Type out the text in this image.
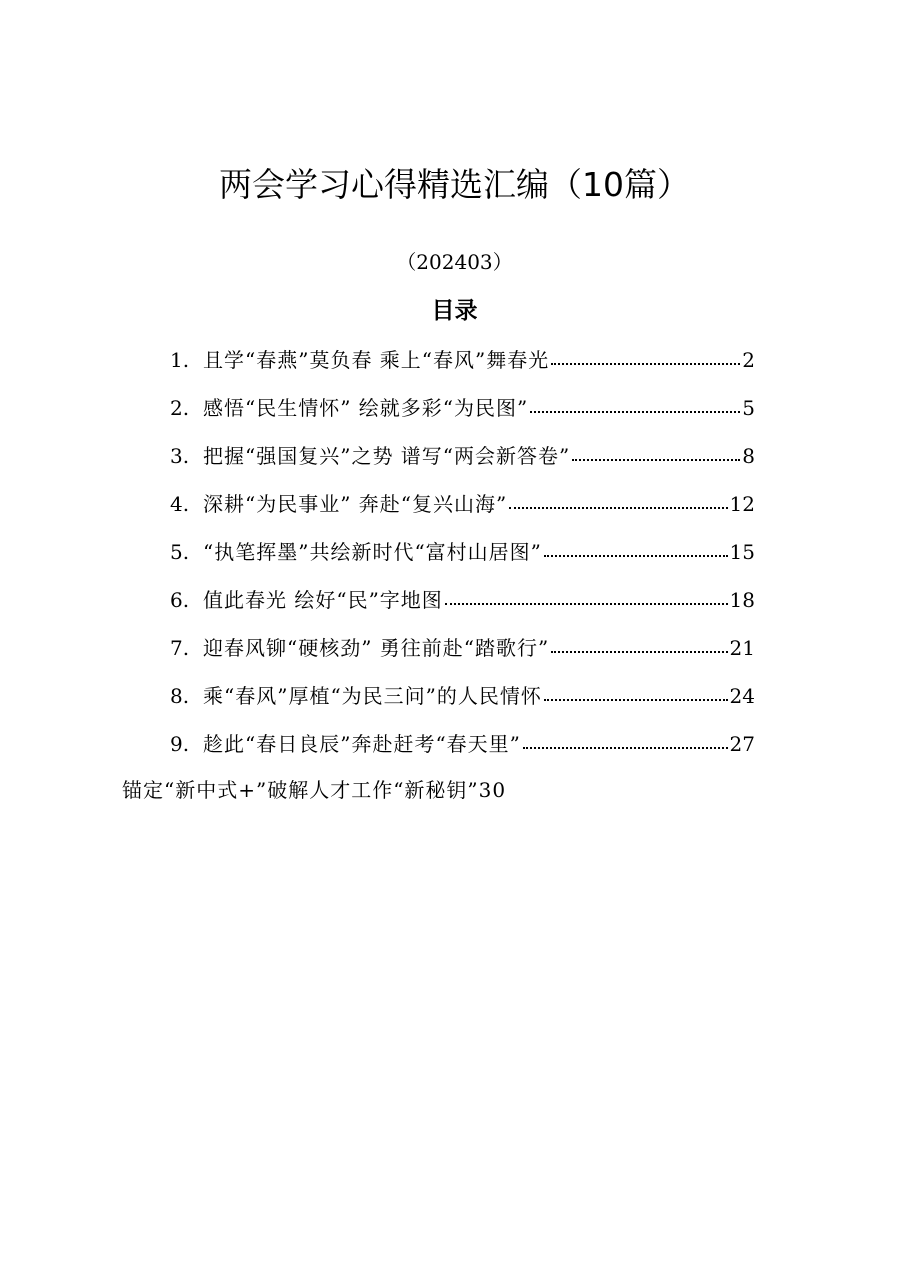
两会学习心得精选汇编（10篇）
（202403）
目录
1. 且学“春燕”莫负春 乘上“春风”舞春光	2
2. 感悟“民生情怀” 绘就多彩“为民图”	5
3. 把握“强国复兴”之势 谱写“两会新答卷”	8
4. 深耕“为民事业” 奔赴“复兴山海”	12
5. “执笔挥墨”共绘新时代“富村山居图”	15
6. 值此春光 绘好“民”字地图	18
7. 迎春风铆“硬核劲” 勇往前赴“踏歌行”	21
8. 乘“春风”厚植“为民三问”的人民情怀	24
9. 趁此“春日良辰”奔赴赶考“春天里”	27
锚定“新中式+”破解人才工作“新秘钥”30
